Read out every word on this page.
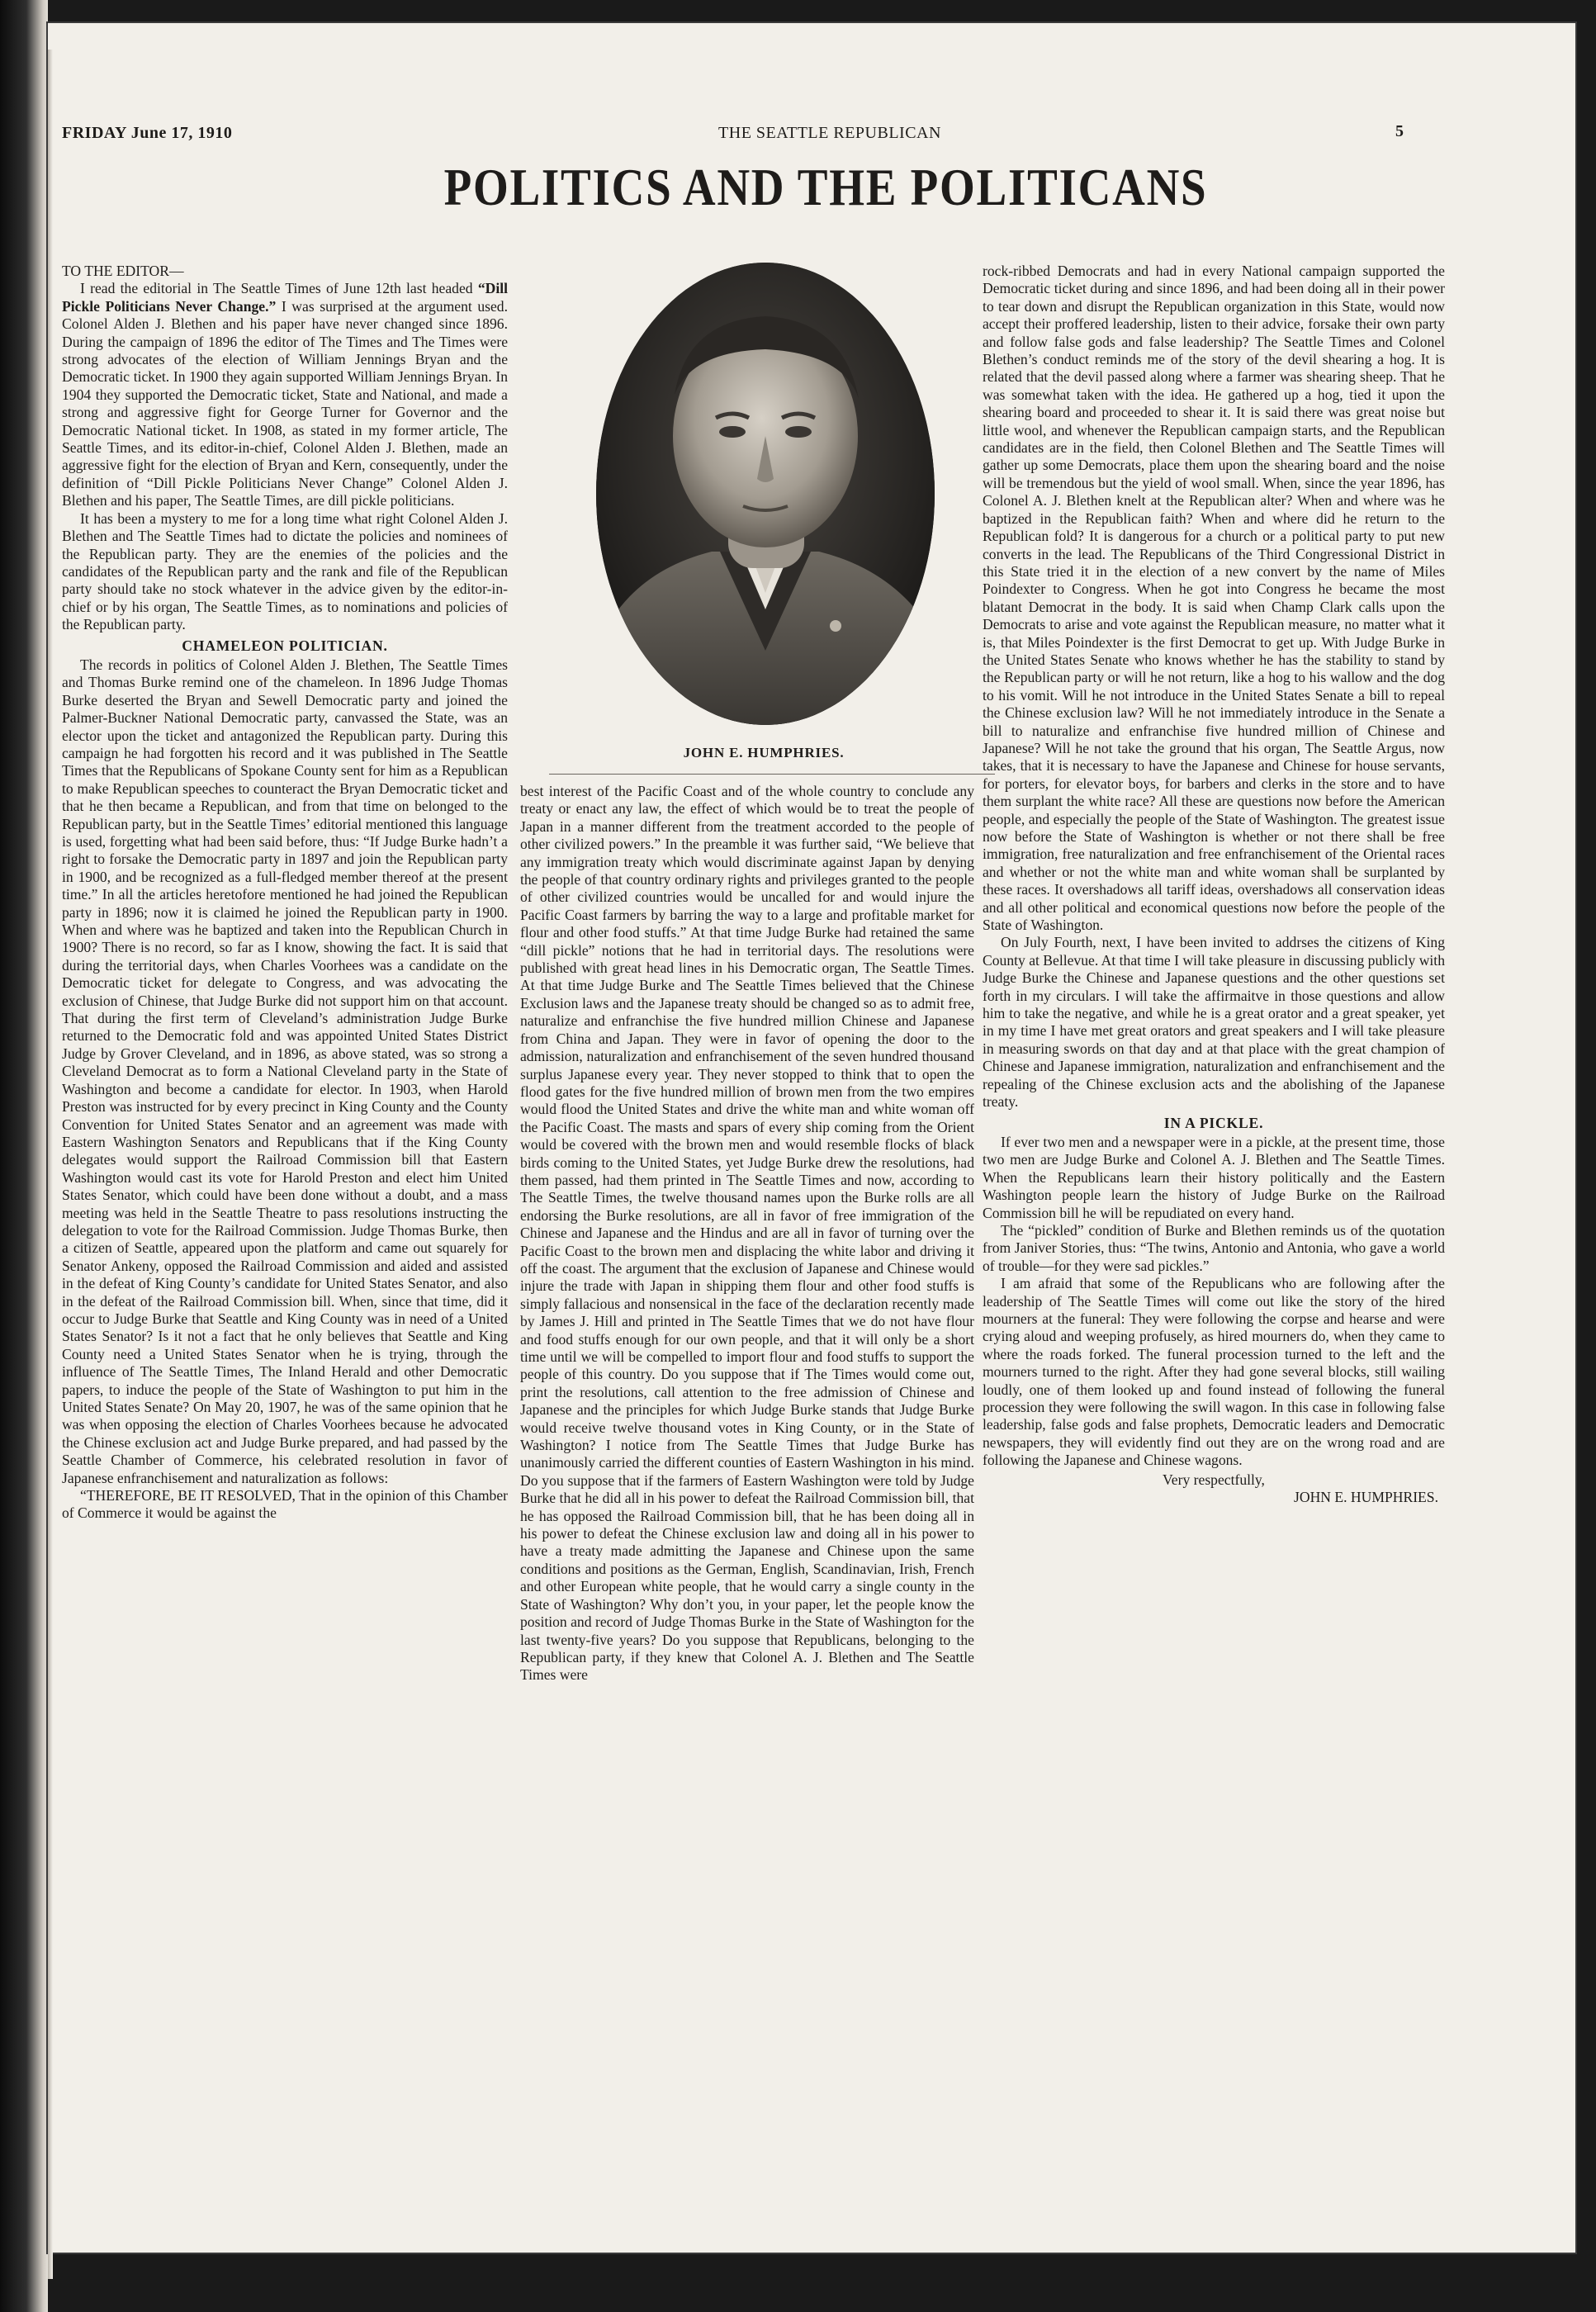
FRIDAY June 17, 1910	THE SEATTLE REPUBLICAN	5
POLITICS AND THE POLITICANS

TO THE EDITOR—

I read the editorial in The Seattle Times of June 12th last headed “Dill Pickle Politicians Never Change.” I was surprised at the argument used. Colonel Alden J. Blethen and his paper have never changed since 1896. During the campaign of 1896 the editor of The Times and The Times were strong advocates of the election of William Jennings Bryan and the Democratic ticket. In 1900 they again supported William Jennings Bryan. In 1904 they supported the Democratic ticket, State and National, and made a strong and aggressive fight for George Turner for Governor and the Democratic National ticket. In 1908, as stated in my former article, The Seattle Times, and its editor-in-chief, Colonel Alden J. Blethen, made an aggressive fight for the election of Bryan and Kern, consequently, under the definition of “Dill Pickle Politicians Never Change” Colonel Alden J. Blethen and his paper, The Seattle Times, are dill pickle politicians.

It has been a mystery to me for a long time what right Colonel Alden J. Blethen and The Seattle Times had to dictate the policies and nominees of the Republican party. They are the enemies of the policies and the candidates of the Republican party and the rank and file of the Republican party should take no stock whatever in the advice given by the editor-in-chief or by his organ, The Seattle Times, as to nominations and policies of the Republican party.

CHAMELEON POLITICIAN.

The records in politics of Colonel Alden J. Blethen, The Seattle Times and Thomas Burke remind one of the chameleon. In 1896 Judge Thomas Burke deserted the Bryan and Sewell Democratic party and joined the Palmer-Buckner National Democratic party, canvassed the State, was an elector upon the ticket and antagonized the Republican party. During this campaign he had forgotten his record and it was published in The Seattle Times that the Republicans of Spokane County sent for him as a Republican to make Republican speeches to counteract the Bryan Democratic ticket and that he then became a Republican, and from that time on belonged to the Republican party, but in the Seattle Times’ editorial mentioned this language is used, forgetting what had been said before, thus: “If Judge Burke hadn’t a right to forsake the Democratic party in 1897 and join the Republican party in 1900, and be recognized as a full-fledged member thereof at the present time.” In all the articles heretofore mentioned he had joined the Republican party in 1896; now it is claimed he joined the Republican party in 1900. When and where was he baptized and taken into the Republican Church in 1900? There is no record, so far as I know, showing the fact. It is said that during the territorial days, when Charles Voorhees was a candidate on the Democratic ticket for delegate to Congress, and was advocating the exclusion of Chinese, that Judge Burke did not support him on that account. That during the first term of Cleveland’s administration Judge Burke returned to the Democratic fold and was appointed United States District Judge by Grover Cleveland, and in 1896, as above stated, was so strong a Cleveland Democrat as to form a National Cleveland party in the State of Washington and become a candidate for elector. In 1903, when Harold Preston was instructed for by every precinct in King County and the County Convention for United States Senator and an agreement was made with Eastern Washington Senators and Republicans that if the King County delegates would support the Railroad Commission bill that Eastern Washington would cast its vote for Harold Preston and elect him United States Senator, which could have been done without a doubt, and a mass meeting was held in the Seattle Theatre to pass resolutions instructing the delegation to vote for the Railroad Commission. Judge Thomas Burke, then a citizen of Seattle, appeared upon the platform and came out squarely for Senator Ankeny, opposed the Railroad Commission and aided and assisted in the defeat of King County’s candidate for United States Senator, and also in the defeat of the Railroad Commission bill. When, since that time, did it occur to Judge Burke that Seattle and King County was in need of a United States Senator? Is it not a fact that he only believes that Seattle and King County need a United States Senator when he is trying, through the influence of The Seattle Times, The Inland Herald and other Democratic papers, to induce the people of the State of Washington to put him in the United States Senate? On May 20, 1907, he was of the same opinion that he was when opposing the election of Charles Voorhees because he advocated the Chinese exclusion act and Judge Burke prepared, and had passed by the Seattle Chamber of Commerce, his celebrated resolution in favor of Japanese enfranchisement and naturalization as follows:

“THEREFORE, BE IT RESOLVED, That in the opinion of this Chamber of Commerce it would be against the

JOHN E. HUMPHRIES.

best interest of the Pacific Coast and of the whole country to conclude any treaty or enact any law, the effect of which would be to treat the people of Japan in a manner different from the treatment accorded to the people of other civilized powers.” In the preamble it was further said, “We believe that any immigration treaty which would discriminate against Japan by denying the people of that country ordinary rights and privileges granted to the people of other civilized countries would be uncalled for and would injure the Pacific Coast farmers by barring the way to a large and profitable market for flour and other food stuffs.” At that time Judge Burke had retained the same “dill pickle” notions that he had in territorial days. The resolutions were published with great head lines in his Democratic organ, The Seattle Times. At that time Judge Burke and The Seattle Times believed that the Chinese Exclusion laws and the Japanese treaty should be changed so as to admit free, naturalize and enfranchise the five hundred million Chinese and Japanese from China and Japan. They were in favor of opening the door to the admission, naturalization and enfranchisement of the seven hundred thousand surplus Japanese every year. They never stopped to think that to open the flood gates for the five hundred million of brown men from the two empires would flood the United States and drive the white man and white woman off the Pacific Coast. The masts and spars of every ship coming from the Orient would be covered with the brown men and would resemble flocks of black birds coming to the United States, yet Judge Burke drew the resolutions, had them passed, had them printed in The Seattle Times and now, according to The Seattle Times, the twelve thousand names upon the Burke rolls are all endorsing the Burke resolutions, are all in favor of free immigration of the Chinese and Japanese and the Hindus and are all in favor of turning over the Pacific Coast to the brown men and displacing the white labor and driving it off the coast. The argument that the exclusion of Japanese and Chinese would injure the trade with Japan in shipping them flour and other food stuffs is simply fallacious and nonsensical in the face of the declaration recently made by James J. Hill and printed in The Seattle Times that we do not have flour and food stuffs enough for our own people, and that it will only be a short time until we will be compelled to import flour and food stuffs to support the people of this country. Do you suppose that if The Times would come out, print the resolutions, call attention to the free admission of Chinese and Japanese and the principles for which Judge Burke stands that Judge Burke would receive twelve thousand votes in King County, or in the State of Washington? I notice from The Seattle Times that Judge Burke has unanimously carried the different counties of Eastern Washington in his mind. Do you suppose that if the farmers of Eastern Washington were told by Judge Burke that he did all in his power to defeat the Railroad Commission bill, that he has opposed the Railroad Commission bill, that he has been doing all in his power to defeat the Chinese exclusion law and doing all in his power to have a treaty made admitting the Japanese and Chinese upon the same conditions and positions as the German, English, Scandinavian, Irish, French and other European white people, that he would carry a single county in the State of Washington? Why don’t you, in your paper, let the people know the position and record of Judge Thomas Burke in the State of Washington for the last twenty-five years? Do you suppose that Republicans, belonging to the Republican party, if they knew that Colonel A. J. Blethen and The Seattle Times were

rock-ribbed Democrats and had in every National campaign supported the Democratic ticket during and since 1896, and had been doing all in their power to tear down and disrupt the Republican organization in this State, would now accept their proffered leadership, listen to their advice, forsake their own party and follow false gods and false leadership? The Seattle Times and Colonel Blethen’s conduct reminds me of the story of the devil shearing a hog. It is related that the devil passed along where a farmer was shearing sheep. That he was somewhat taken with the idea. He gathered up a hog, tied it upon the shearing board and proceeded to shear it. It is said there was great noise but little wool, and whenever the Republican campaign starts, and the Republican candidates are in the field, then Colonel Blethen and The Seattle Times will gather up some Democrats, place them upon the shearing board and the noise will be tremendous but the yield of wool small. When, since the year 1896, has Colonel A. J. Blethen knelt at the Republican alter? When and where was he baptized in the Republican faith? When and where did he return to the Republican fold? It is dangerous for a church or a political party to put new converts in the lead. The Republicans of the Third Congressional District in this State tried it in the election of a new convert by the name of Miles Poindexter to Congress. When he got into Congress he became the most blatant Democrat in the body. It is said when Champ Clark calls upon the Democrats to arise and vote against the Republican measure, no matter what it is, that Miles Poindexter is the first Democrat to get up. With Judge Burke in the United States Senate who knows whether he has the stability to stand by the Republican party or will he not return, like a hog to his wallow and the dog to his vomit. Will he not introduce in the United States Senate a bill to repeal the Chinese exclusion law? Will he not immediately introduce in the Senate a bill to naturalize and enfranchise five hundred million of Chinese and Japanese? Will he not take the ground that his organ, The Seattle Argus, now takes, that it is necessary to have the Japanese and Chinese for house servants, for porters, for elevator boys, for barbers and clerks in the store and to have them surplant the white race? All these are questions now before the American people, and especially the people of the State of Washington. The greatest issue now before the State of Washington is whether or not there shall be free immigration, free naturalization and free enfranchisement of the Oriental races and whether or not the white man and white woman shall be surplanted by these races. It overshadows all tariff ideas, overshadows all conservation ideas and all other political and economical questions now before the people of the State of Washington.

On July Fourth, next, I have been invited to addrses the citizens of King County at Bellevue. At that time I will take pleasure in discussing publicly with Judge Burke the Chinese and Japanese questions and the other questions set forth in my circulars. I will take the affirmaitve in those questions and allow him to take the negative, and while he is a great orator and a great speaker, yet in my time I have met great orators and great speakers and I will take pleasure in measuring swords on that day and at that place with the great champion of Chinese and Japanese immigration, naturalization and enfranchisement and the repealing of the Chinese exclusion acts and the abolishing of the Japanese treaty.

IN A PICKLE.

If ever two men and a newspaper were in a pickle, at the present time, those two men are Judge Burke and Colonel A. J. Blethen and The Seattle Times. When the Republicans learn their history politically and the Eastern Washington people learn the history of Judge Burke on the Railroad Commission bill he will be repudiated on every hand.

The “pickled” condition of Burke and Blethen reminds us of the quotation from Janiver Stories, thus: “The twins, Antonio and Antonia, who gave a world of trouble—for they were sad pickles.”

I am afraid that some of the Republicans who are following after the leadership of The Seattle Times will come out like the story of the hired mourners at the funeral: They were following the corpse and hearse and were crying aloud and weeping profusely, as hired mourners do, when they came to where the roads forked. The funeral procession turned to the left and the mourners turned to the right. After they had gone several blocks, still wailing loudly, one of them looked up and found instead of following the funeral procession they were following the swill wagon. In this case in following false leadership, false gods and false prophets, Democratic leaders and Democratic newspapers, they will evidently find out they are on the wrong road and are following the Japanese and Chinese wagons.

Very respectfully,

JOHN E. HUMPHRIES.
